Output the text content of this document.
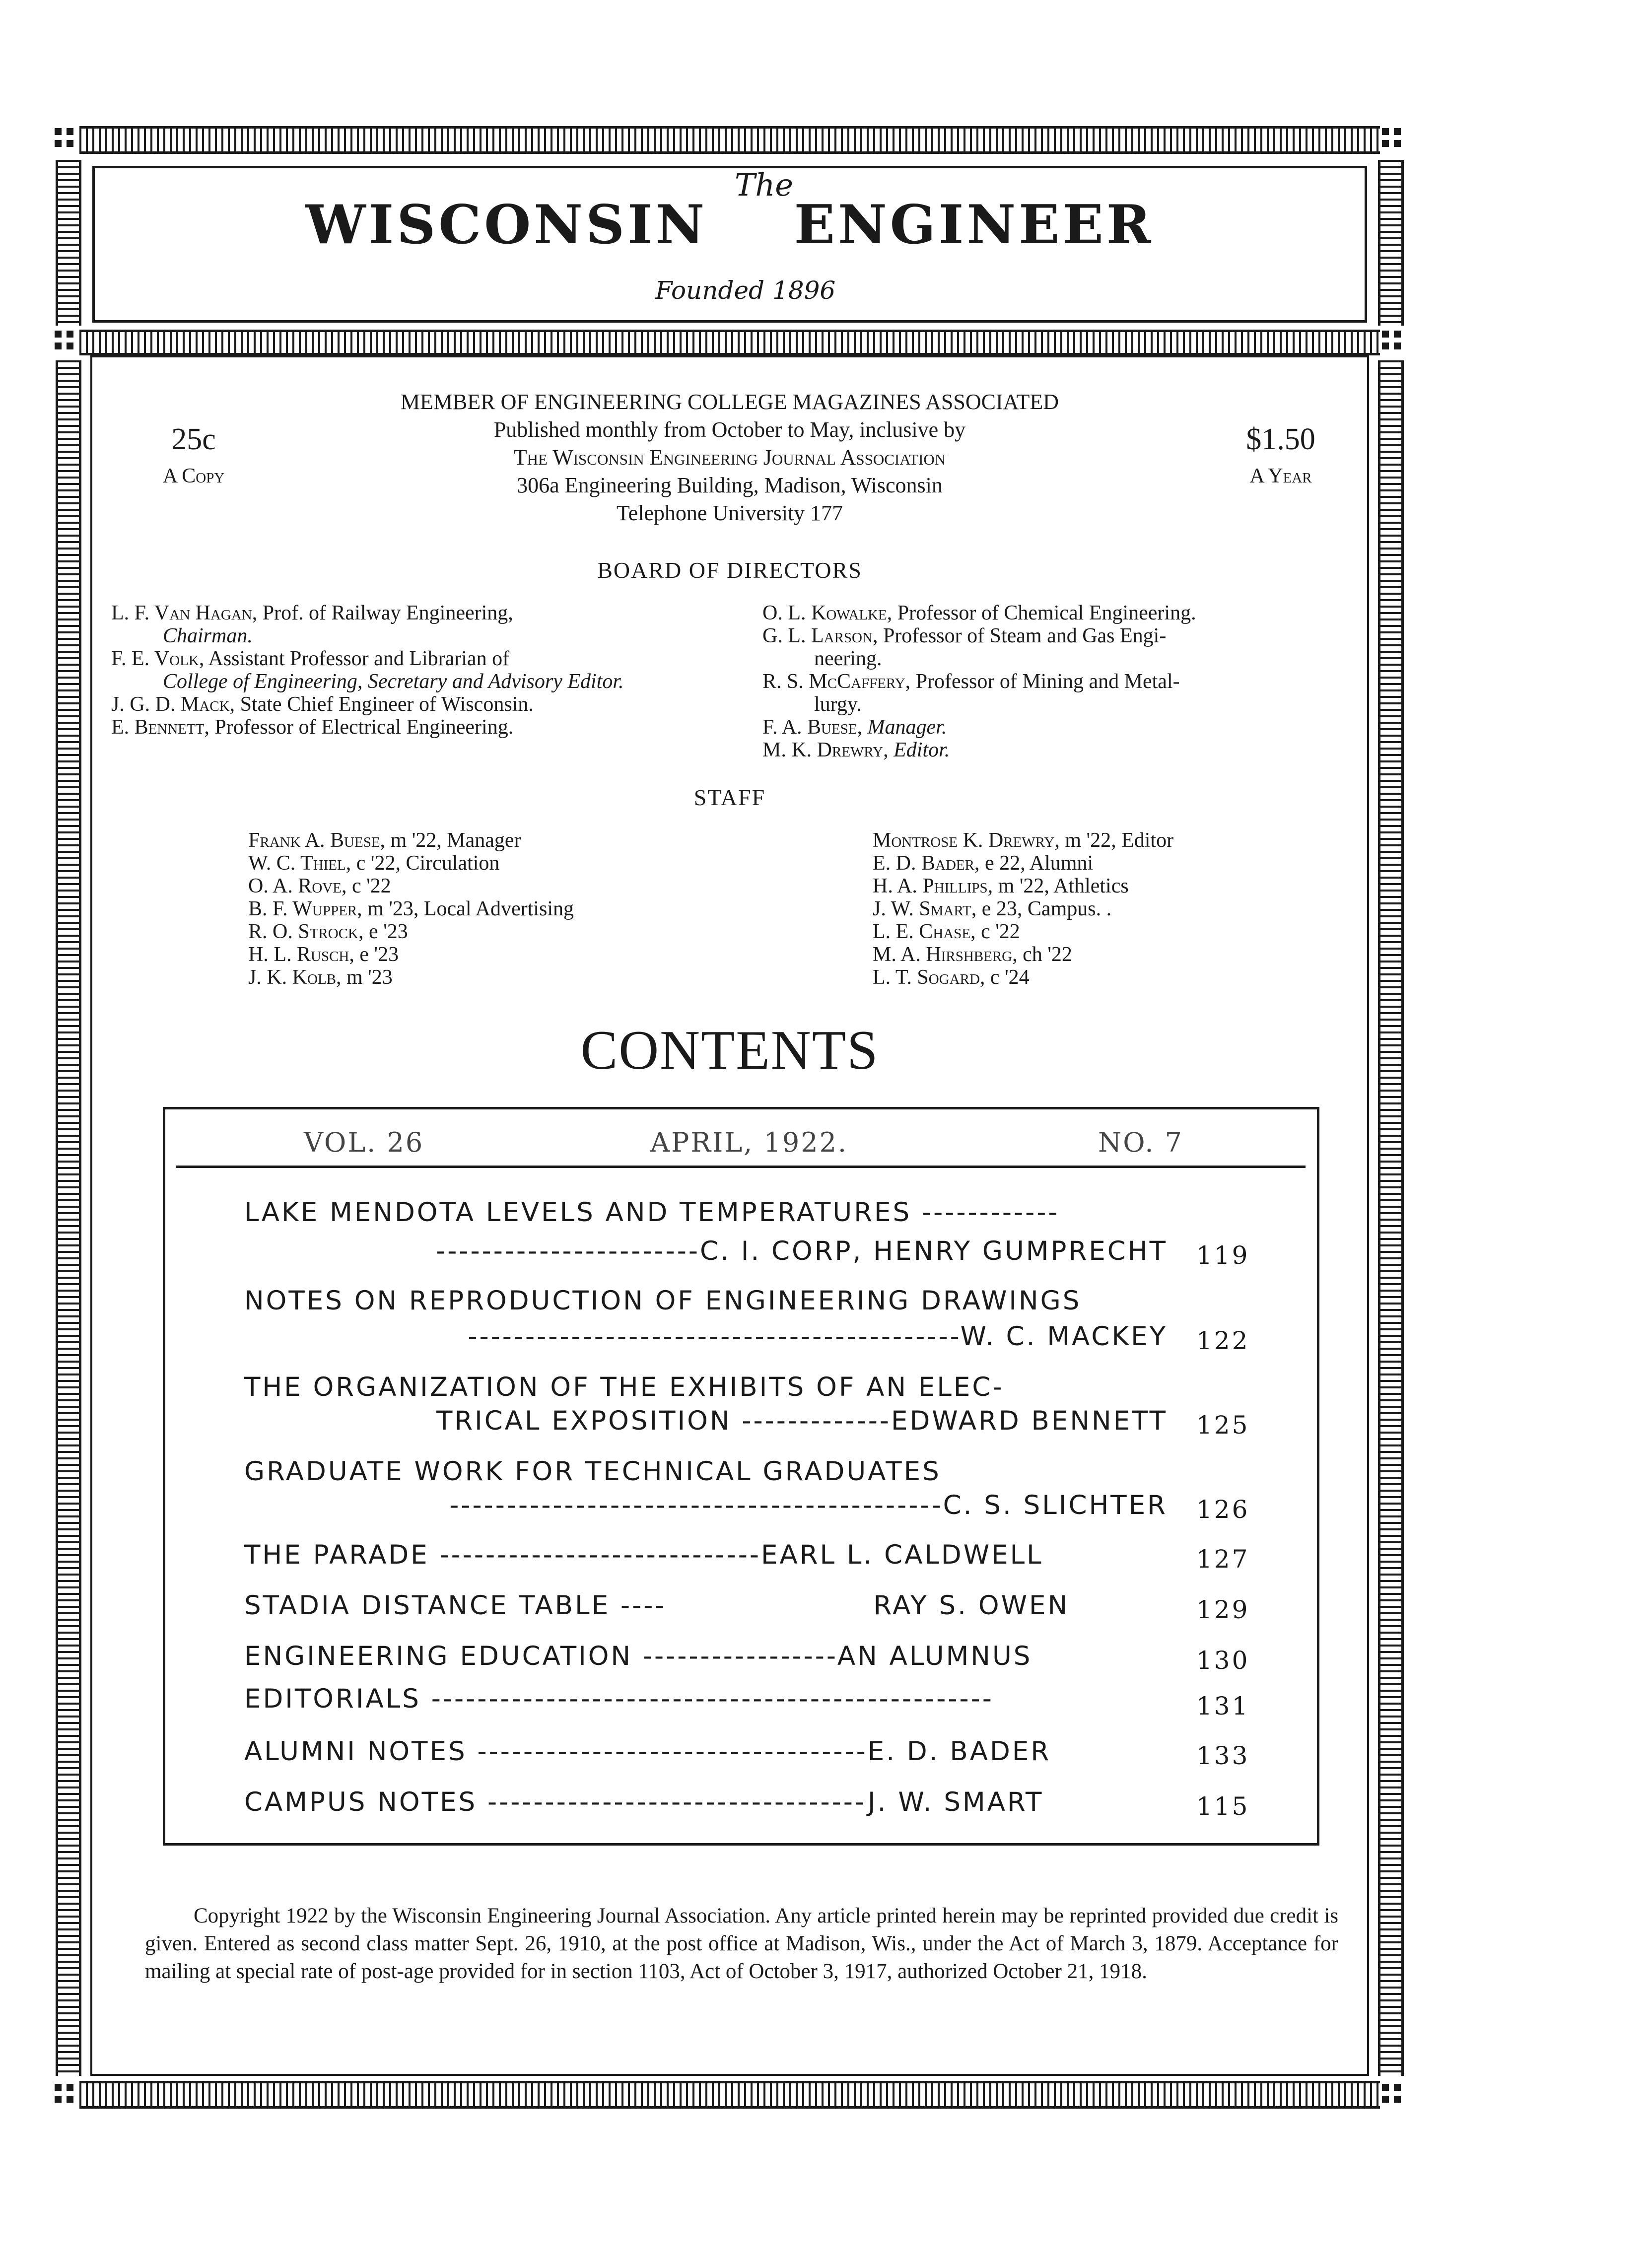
The
WISCONSIN    ENGINEER
Founded 1896
25c
A Copy
$1.50
A Year
MEMBER OF ENGINEERING COLLEGE MAGAZINES ASSOCIATED
Published monthly from October to May, inclusive by
The Wisconsin Engineering Journal Association
306a Engineering Building, Madison, Wisconsin
Telephone University 177
BOARD OF DIRECTORS
L. F. Van Hagan, Prof. of Railway Engineering,
Chairman.
F. E. Volk, Assistant Professor and Librarian of
College of Engineering, Secretary and Advisory Editor.
J. G. D. Mack, State Chief Engineer of Wisconsin.
E. Bennett, Professor of Electrical Engineering.
O. L. Kowalke, Professor of Chemical Engineering.
G. L. Larson, Professor of Steam and Gas Engi-
neering.
R. S. McCaffery, Professor of Mining and Metal-
lurgy.
F. A. Buese, Manager.
M. K. Drewry, Editor.
STAFF
Frank A. Buese, m '22, Manager
W. C. Thiel, c '22, Circulation
O. A. Rove, c '22
B. F. Wupper, m '23, Local Advertising
R. O. Strock, e '23
H. L. Rusch, e '23
J. K. Kolb, m '23
Montrose K. Drewry, m '22, Editor
E. D. Bader, e 22, Alumni
H. A. Phillips, m '22, Athletics
J. W. Smart, e 23, Campus. .
L. E. Chase, c '22
M. A. Hirshberg, ch '22
L. T. Sogard, c '24
CONTENTS
VOL. 26	APRIL, 1922.	NO. 7
LAKE MENDOTA LEVELS AND TEMPERATURES ------------
-----------------------C. I. CORP, HENRY GUMPRECHT 119
NOTES ON REPRODUCTION OF ENGINEERING DRAWINGS
-------------------------------------------W. C. MACKEY 122
THE ORGANIZATION OF THE EXHIBITS OF AN ELEC-
TRICAL EXPOSITION -------------EDWARD BENNETT 125
GRADUATE WORK FOR TECHNICAL GRADUATES
-------------------------------------------C. S. SLICHTER 126
THE PARADE ----------------------------EARL L. CALDWELL	127
STADIA DISTANCE TABLE ----                    RAY S. OWEN	129
ENGINEERING EDUCATION -----------------AN ALUMNUS	130
EDITORIALS -------------------------------------------------	131
ALUMNI NOTES ----------------------------------E. D. BADER	133
CAMPUS NOTES ---------------------------------J. W. SMART	115
Copyright 1922 by the Wisconsin Engineering Journal Association. Any article printed herein may be reprinted provided due credit is given. Entered as second class matter Sept. 26, 1910, at the post office at Madison, Wis., under the Act of March 3, 1879. Acceptance for mailing at special rate of post-age provided for in section 1103, Act of October 3, 1917, authorized October 21, 1918.
